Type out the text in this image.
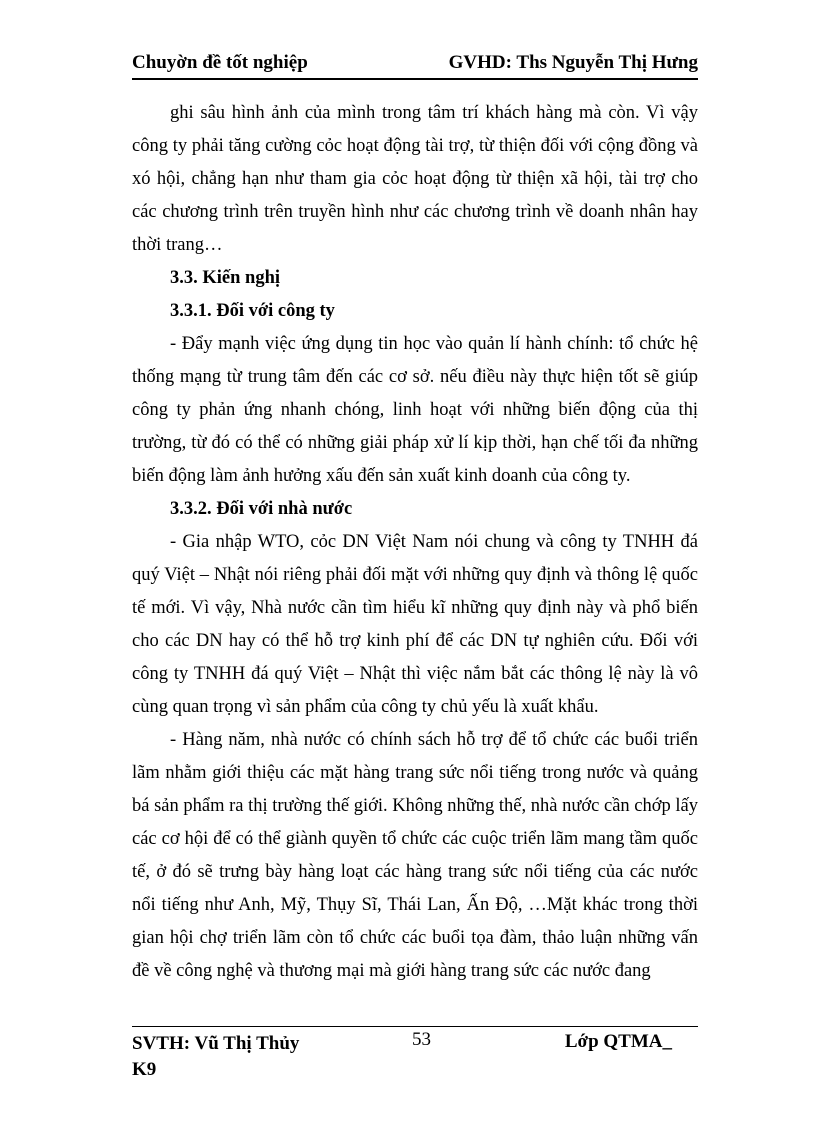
Chuyờn đề tốt nghiệp	GVHD: Ths Nguyễn Thị Hưng

ghi sâu hình ảnh của mình trong tâm trí khách hàng mà còn. Vì vậy công ty phải tăng cường cỏc hoạt động tài trợ, từ thiện đối với cộng đồng và xó hội, chẳng hạn như tham gia cỏc hoạt động từ thiện xã hội, tài trợ cho các chương trình trên truyền hình như các chương trình về doanh nhân hay thời trang…

3.3. Kiến nghị

3.3.1. Đối với công ty

- Đẩy mạnh việc ứng dụng tin học vào quản lí hành chính: tổ chức hệ thống mạng từ trung tâm đến các cơ sở. nếu điều này thực hiện tốt sẽ giúp công ty phản ứng nhanh chóng, linh hoạt với những biến động của thị trường, từ đó có thể có những giải pháp xử lí kịp thời, hạn chế tối đa những biến động làm ảnh hưởng xấu đến sản xuất kinh doanh của công ty.

3.3.2. Đối với nhà nước

- Gia nhập WTO, cỏc DN Việt Nam nói chung và công ty TNHH đá quý Việt – Nhật nói riêng phải đối mặt với những quy định và thông lệ quốc tế mới. Vì vậy, Nhà nước cần tìm hiểu kĩ những quy định này và phổ biến cho các DN hay có thể hỗ trợ kinh phí để các DN tự nghiên cứu. Đối với công ty TNHH đá quý Việt – Nhật thì việc nắm bắt các thông lệ này là vô cùng quan trọng vì sản phẩm của công ty chủ yếu là xuất khẩu.

- Hàng năm, nhà nước có chính sách hỗ trợ để tổ chức các buổi triển lãm nhằm giới thiệu các mặt hàng trang sức nổi tiếng trong nước và quảng bá sản phẩm ra thị trường thế giới. Không những thế, nhà nước cần chớp lấy các cơ hội để có thể giành quyền tổ chức các cuộc triển lãm mang tầm quốc tế, ở đó sẽ trưng bày hàng loạt các hàng trang sức nổi tiếng của các nước nổi tiếng như Anh, Mỹ, Thụy Sĩ, Thái Lan, Ấn Độ, …Mặt khác trong thời gian hội chợ triển lãm còn tổ chức các buổi tọa đàm, thảo luận những vấn đề về công nghệ và thương mại mà giới hàng trang sức các nước đang

SVTH: Vũ Thị Thủy K9
53	Lớp QTMA_
